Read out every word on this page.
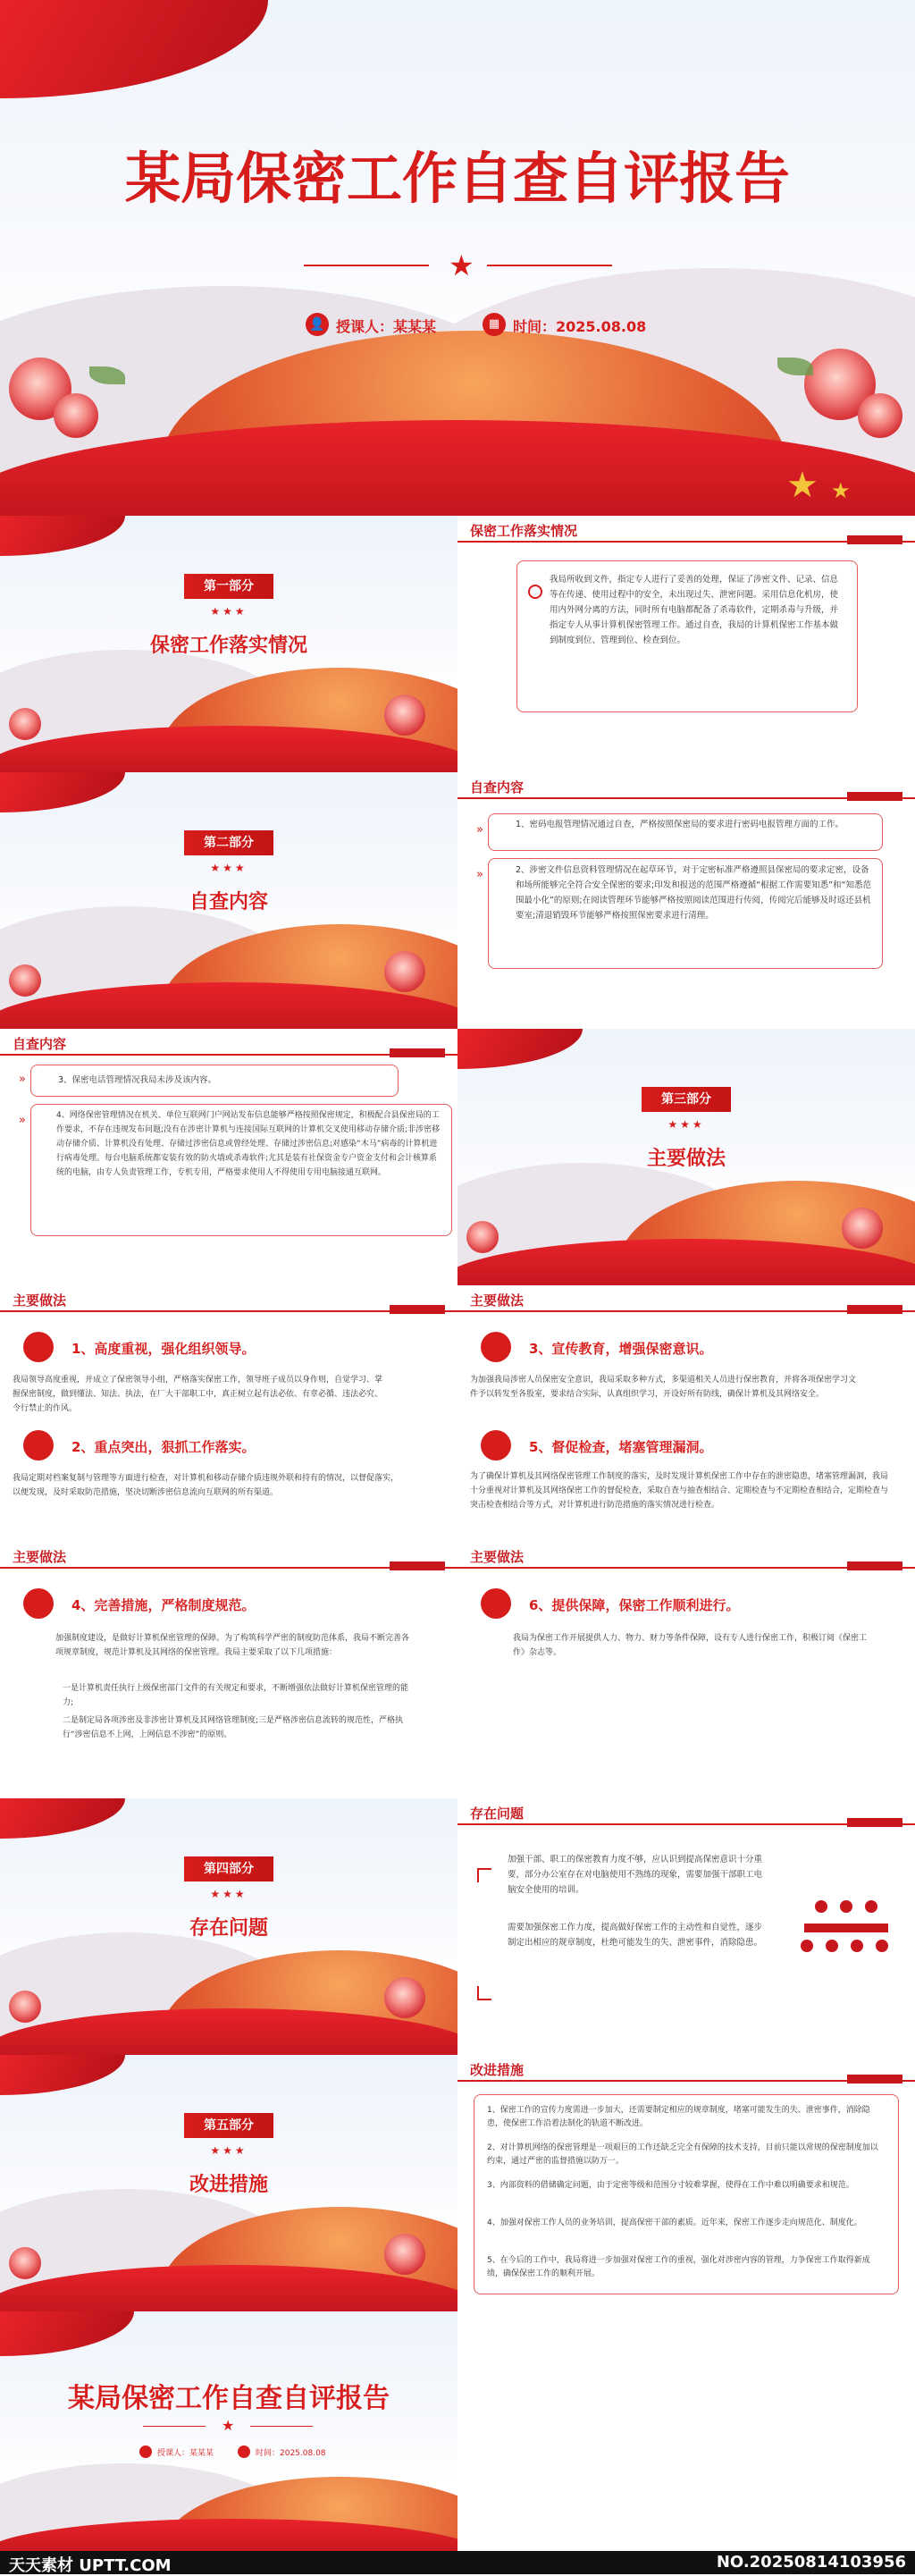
★ ★
某局保密工作自查自评报告
★
👤 授课人：某某某	▦ 时间：2025.08.08
第一部分
★★★
保密工作落实情况
保密工作落实情况
我局所收到文件，指定专人进行了妥善的处理，保证了涉密文件、记录、信息等在传递、使用过程中的安全，未出现过失、泄密问题。采用信息化机房，使用内外网分离的方法，同时所有电脑都配备了杀毒软件，定期杀毒与升级，并指定专人从事计算机保密管理工作。通过自查，我局的计算机保密工作基本做到制度到位、管理到位、检查到位。
第二部分
★★★
自查内容
自查内容
»	1、密码电报管理情况通过自查，严格按照保密局的要求进行密码电报管理方面的工作。
»	2、涉密文件信息资料管理情况在起草环节，对于定密标准严格遵照县保密局的要求定密，设备和场所能够完全符合安全保密的要求;印发和报送的范围严格遵循“根据工作需要知悉”和“知悉范围最小化”的原则;在阅读管理环节能够严格按照阅读范围进行传阅，传阅完后能够及时返还县机要室;清退销毁环节能够严格按照保密要求进行清理。
自查内容
»	3、保密电话管理情况我局未涉及该内容。
»	4、网络保密管理情况在机关、单位互联网门户网站发布信息能够严格按照保密规定，积极配合县保密局的工作要求，不存在违规发布问题;没有在涉密计算机与连接国际互联网的计算机交叉使用移动存储介质;非涉密移动存储介质、计算机没有处理、存储过涉密信息或曾经处理、存储过涉密信息;对感染“木马”病毒的计算机进行病毒处理。每台电脑系统都安装有效的防火墙或杀毒软件;尤其是装有社保资金专户资金支付和会计核算系统的电脑，由专人负责管理工作，专机专用，严格要求使用人不得使用专用电脑接通互联网。
第三部分
★★★
主要做法
主要做法
1、高度重视，强化组织领导。
我局领导高度重视，并成立了保密领导小组，严格落实保密工作，领导班子成员以身作则，自觉学习、掌握保密制度，做到懂法、知法、执法，在厂大干部职工中，真正树立起有法必依、有章必循、违法必究、令行禁止的作风。
2、重点突出，狠抓工作落实。
我局定期对档案复制与管理等方面进行检查，对计算机和移动存储介质违规外联和持有的情况，以督促落实，以便发现，及时采取防范措施，坚决切断涉密信息流向互联网的所有渠道。
主要做法
3、宣传教育，增强保密意识。
为加强我局涉密人员保密安全意识，我局采取多种方式，多渠道相关人员进行保密教育，并将各项保密学习文件予以转发至各股室，要求结合实际，认真组织学习，开设好所有防线，确保计算机及其网络安全。
5、督促检查，堵塞管理漏洞。
为了确保计算机及其网络保密管理工作制度的落实，及时发现计算机保密工作中存在的泄密隐患，堵塞管理漏洞，我局十分重视对计算机及其网络保密工作的督促检查，采取自查与抽查相结合、定期检查与不定期检查相结合，定期检查与突击检查相结合等方式，对计算机进行防范措施的落实情况进行检查。
主要做法
4、完善措施，严格制度规范。
加强制度建设，是做好计算机保密管理的保障。为了构筑科学严密的制度防范体系，我局不断完善各项规章制度，规范计算机及其网络的保密管理。我局主要采取了以下几项措施：
一是计算机责任执行上级保密部门文件的有关规定和要求，不断增强依法做好计算机保密管理的能力;
二是制定局各项涉密及非涉密计算机及其网络管理制度;三是严格涉密信息流转的规范性，严格执行“涉密信息不上网，上网信息不涉密”的原则。
主要做法
6、提供保障，保密工作顺利进行。
我局为保密工作开展提供人力、物力、财力等条件保障，设有专人进行保密工作，积极订阅《保密工作》杂志等。
第四部分
★★★
存在问题
存在问题
加强干部、职工的保密教育力度不够，应认识到提高保密意识十分重要，部分办公室存在对电脑使用不熟练的现象，需要加强干部职工电脑安全使用的培训。
需要加强保密工作力度，提高做好保密工作的主动性和自觉性，逐步制定出相应的规章制度，杜绝可能发生的失、泄密事件，消除隐患。
第五部分
★★★
改进措施
改进措施
1、保密工作的宣传力度需进一步加大，还需要制定相应的规章制度，堵塞可能发生的失、泄密事件，消除隐患，使保密工作沿着法制化的轨道不断改进。
2、对计算机网络的保密管理是一项艰巨的工作还缺乏完全有保障的技术支持，目前只能以常规的保密制度加以约束，通过严密的监督措施以防万一。
3、内部资料的借储确定问题，由于定密等级和范围分寸较难掌握，使得在工作中难以明确要求和规范。
4、加强对保密工作人员的业务培训，提高保密干部的素质。近年来，保密工作逐步走向规范化、制度化。
5、在今后的工作中，我局将进一步加强对保密工作的重视，强化对涉密内容的管理，力争保密工作取得新成绩，确保保密工作的顺利开展。
某局保密工作自查自评报告
★
授课人：某某某	时间：2025.08.08
天天素材 UPTT.COM	NO.20250814103956
